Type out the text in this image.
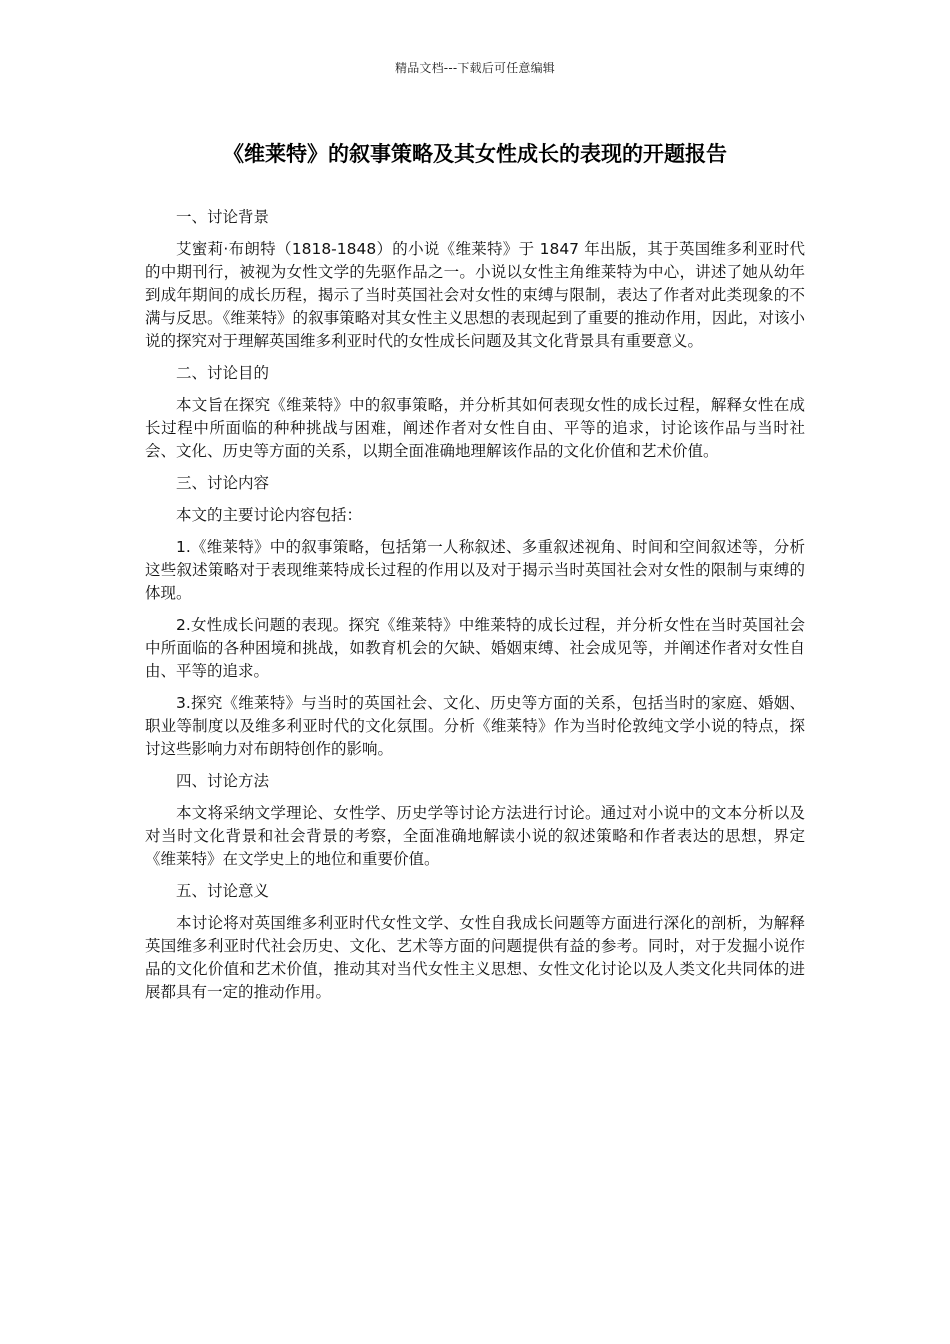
精品文档---下载后可任意编辑
《维莱特》的叙事策略及其女性成长的表现的开题报告

一、讨论背景

艾蜜莉·布朗特（1818-1848）的小说《维莱特》于 1847 年出版，其于英国维多利亚时代的中期刊行，被视为女性文学的先驱作品之一。小说以女性主角维莱特为中心，讲述了她从幼年到成年期间的成长历程，揭示了当时英国社会对女性的束缚与限制，表达了作者对此类现象的不满与反思。《维莱特》的叙事策略对其女性主义思想的表现起到了重要的推动作用，因此，对该小说的探究对于理解英国维多利亚时代的女性成长问题及其文化背景具有重要意义。

二、讨论目的

本文旨在探究《维莱特》中的叙事策略，并分析其如何表现女性的成长过程，解释女性在成长过程中所面临的种种挑战与困难，阐述作者对女性自由、平等的追求，讨论该作品与当时社会、文化、历史等方面的关系，以期全面准确地理解该作品的文化价值和艺术价值。

三、讨论内容

本文的主要讨论内容包括：

1.《维莱特》中的叙事策略，包括第一人称叙述、多重叙述视角、时间和空间叙述等，分析这些叙述策略对于表现维莱特成长过程的作用以及对于揭示当时英国社会对女性的限制与束缚的体现。

2.女性成长问题的表现。探究《维莱特》中维莱特的成长过程，并分析女性在当时英国社会中所面临的各种困境和挑战，如教育机会的欠缺、婚姻束缚、社会成见等，并阐述作者对女性自由、平等的追求。

3.探究《维莱特》与当时的英国社会、文化、历史等方面的关系，包括当时的家庭、婚姻、职业等制度以及维多利亚时代的文化氛围。分析《维莱特》作为当时伦敦纯文学小说的特点，探讨这些影响力对布朗特创作的影响。

四、讨论方法

本文将采纳文学理论、女性学、历史学等讨论方法进行讨论。通过对小说中的文本分析以及对当时文化背景和社会背景的考察，全面准确地解读小说的叙述策略和作者表达的思想，界定《维莱特》在文学史上的地位和重要价值。

五、讨论意义

本讨论将对英国维多利亚时代女性文学、女性自我成长问题等方面进行深化的剖析，为解释英国维多利亚时代社会历史、文化、艺术等方面的问题提供有益的参考。同时，对于发掘小说作品的文化价值和艺术价值，推动其对当代女性主义思想、女性文化讨论以及人类文化共同体的进展都具有一定的推动作用。
